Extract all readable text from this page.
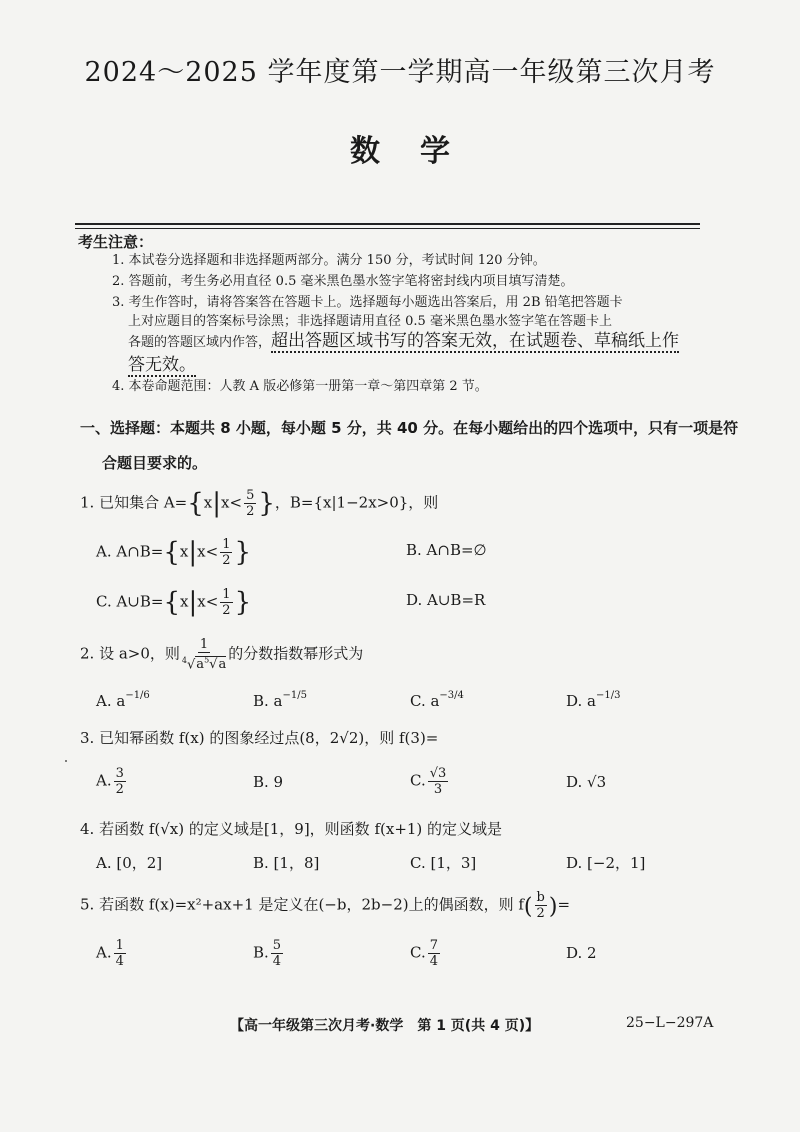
2024～2025 学年度第一学期高一年级第三次月考
数学
考生注意：
1. 本试卷分选择题和非选择题两部分。满分 150 分，考试时间 120 分钟。
2. 答题前，考生务必用直径 0.5 毫米黑色墨水签字笔将密封线内项目填写清楚。
3. 考生作答时，请将答案答在答题卡上。选择题每小题选出答案后，用 2B 铅笔把答题卡
上对应题目的答案标号涂黑；非选择题请用直径 0.5 毫米黑色墨水签字笔在答题卡上
各题的答题区域内作答，超出答题区域书写的答案无效，在试题卷、草稿纸上作
答无效。
4. 本卷命题范围：人教 A 版必修第一册第一章～第四章第 2 节。
一、选择题：本题共 8 小题，每小题 5 分，共 40 分。在每小题给出的四个选项中，只有一项是符
合题目要求的。
1. 已知集合 $A=\{x|x< \frac{5}{2}$ }，B={x|1−2x>0}，则
A. A∩B={x|x< $\frac{1}{2}$ }	B. A∩B=∅
C. A∪B={x|x< $\frac{1}{2}$ }	D. A∪B=R
2. 设 a>0，则 $\frac{1}{^4√a^5√a}$ 的分数指数幂形式为
A. $a^{-1/6}$	B. $a^{-1/5}$	C. $a^{-3/4}$	D. $a^{-1/3}$
3. 已知幂函数 f(x) 的图象经过点(8，2√2)，则 f(3)=
A. $\frac{3}{2}$	B. 9	C. $\frac{√3}{3}$	D. √3
4. 若函数 f(√x) 的定义域是[1，9]，则函数 f(x+1) 的定义域是
A. [0，2]	B. [1，8]	C. [1，3]	D. [−2，1]
5. 若函数 f(x)=x²+ax+1 是定义在(−b，2b−2)上的偶函数，则 $f( \frac{b}{2}$ )=
A. $\frac{1}{4}$	B. $\frac{5}{4}$	C. $\frac{7}{4}$	D. 2
【高一年级第三次月考·数学　第 1 页(共 4 页)】	25−L−297A
